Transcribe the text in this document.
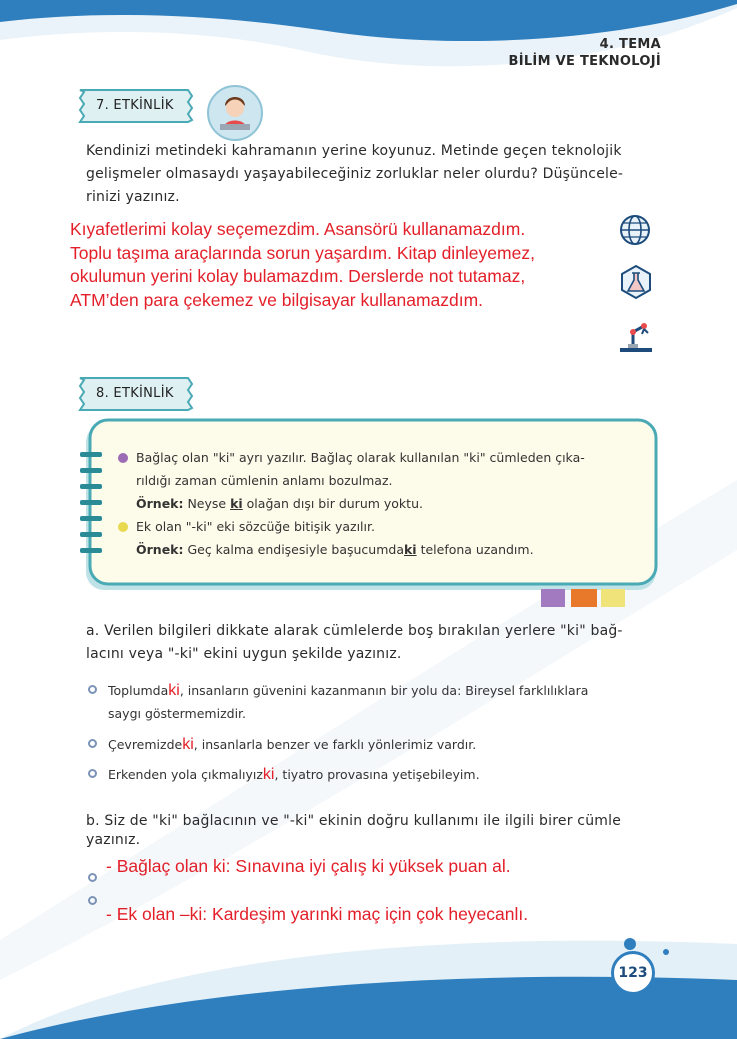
4. TEMA
BİLİM VE TEKNOLOJİ
7. ETKİNLİK
Kendinizi metindeki kahramanın yerine koyunuz. Metinde geçen teknolojik
gelişmeler olmasaydı yaşayabileceğiniz zorluklar neler olurdu? Düşüncele-
rinizi yazınız.
Kıyafetlerimi kolay seçemezdim. Asansörü kullanamazdım.
Toplu taşıma araçlarında sorun yaşardım. Kitap dinleyemez,
okulumun yerini kolay bulamazdım. Derslerde not tutamaz,
ATM’den para çekemez ve bilgisayar kullanamazdım.
8. ETKİNLİK
Bağlaç olan "ki" ayrı yazılır. Bağlaç olarak kullanılan "ki" cümleden çıka-
rıldığı zaman cümlenin anlamı bozulmaz.
Örnek: Neyse ki olağan dışı bir durum yoktu.
Ek olan "-ki" eki sözcüğe bitişik yazılır.
Örnek: Geç kalma endişesiyle başucumdaki telefona uzandım.
a. Verilen bilgileri dikkate alarak cümlelerde boş bırakılan yerlere "ki" bağ-
lacını veya "-ki" ekini uygun şekilde yazınız.
Toplumdaki, insanların güvenini kazanmanın bir yolu da: Bireysel farklılıklara
saygı göstermemizdir.
Çevremizdeki, insanlarla benzer ve farklı yönlerimiz vardır.
Erkenden yola çıkmalıyızki, tiyatro provasına yetişebileyim.
b. Siz de "ki" bağlacının ve "-ki" ekinin doğru kullanımı ile ilgili birer cümle
yazınız.
- Bağlaç olan ki: Sınavına iyi çalış ki yüksek puan al.
- Ek olan –ki: Kardeşim yarınki maç için çok heyecanlı.
123
